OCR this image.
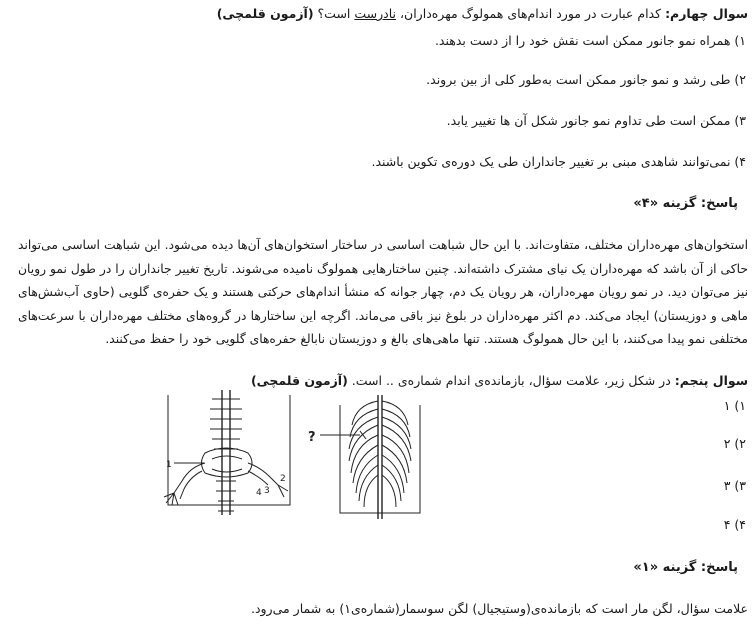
سوال چهارم: کدام عبارت در مورد اندام‌های همولوگ مهره‌داران، نادرست است؟ (آزمون قلمچی)
۱) همراه نمو جانور ممکن است نقش خود را از دست بدهند.
۲) طی رشد و نمو جانور ممکن است به‌طور کلی از بین بروند.
۳) ممکن است طی تداوم نمو جانور شکل آن ها تغییر یابد.
۴) نمی‌توانند شاهدی مبنی بر تغییر جانداران طی یک دوره‌ی تکوین باشند.
پاسخ: گزینه «۴»
استخوان‌های مهره‌داران مختلف، متفاوت‌اند. با این حال شباهت اساسی در ساختار استخوان‌های آن‌ها دیده می‌شود. این شباهت اساسی می‌تواند حاکی از آن باشد که مهره‌داران یک نیای مشترک داشته‌اند. چنین ساختارهایی همولوگ نامیده می‌شوند. تاریخ تغییر جانداران را در طول نمو رویان نیز می‌توان دید. در نمو رویان مهره‌داران، هر رویان یک دم، چهار جوانه که منشأ اندام‌های حرکتی هستند و یک حفره‌ی گلویی (حاوی آب‌شش‌های ماهی و دوزیستان) ایجاد می‌کند. دم اکثر مهره‌داران در بلوغ نیز باقی می‌ماند. اگرچه این ساختارها در گروه‌های مختلف مهره‌داران با سرعت‌های مختلفی نمو پیدا می‌کنند، با این حال همولوگ هستند. تنها ماهی‌های بالغ و دوزیستان نابالغ حفره‌های گلویی خود را حفظ می‌کنند.
سوال پنجم: در شکل زیر، علامت سؤال، بازمانده‌ی اندام شماره‌ی .. است. (آزمون قلمچی)
۱) ۱
۲) ۲
۳) ۳
۴) ۴
پاسخ: گزینه «۱»
علامت سؤال، لگن مار است که بازمانده‌ی(وستیجیال) لگن سوسمار(شماره‌ی۱) به شمار می‌رود.
1
2
3
4
?
